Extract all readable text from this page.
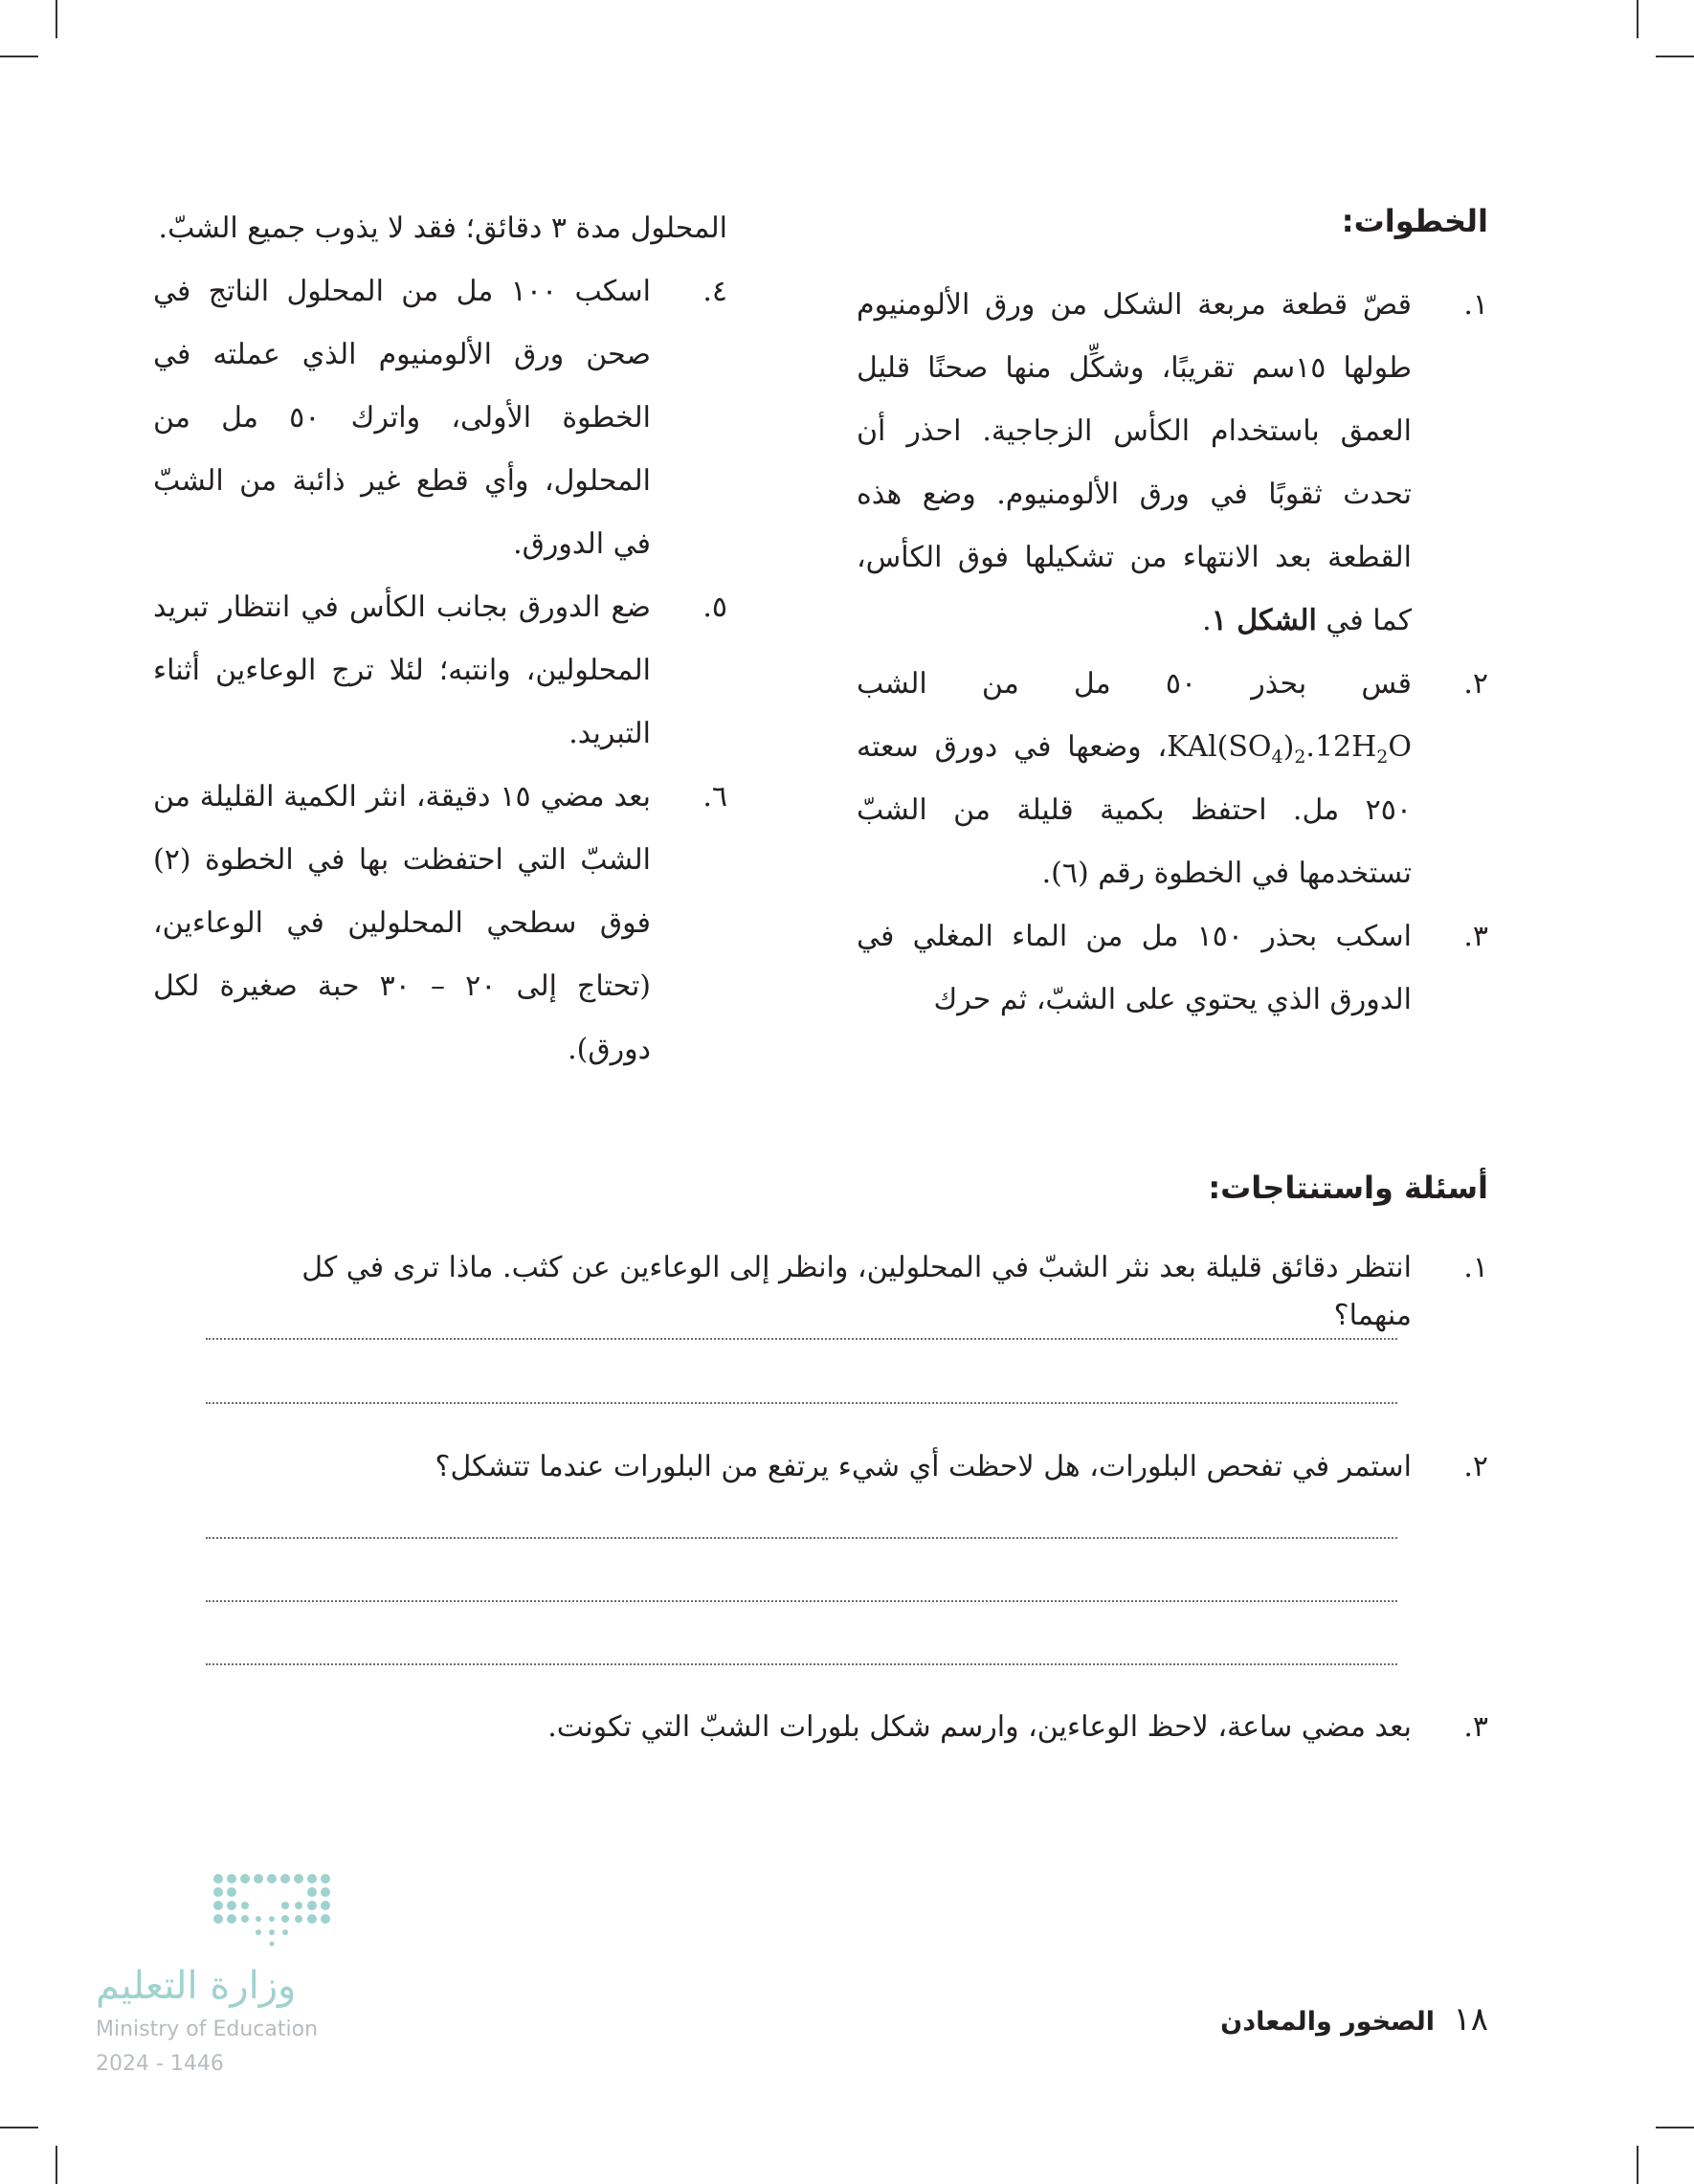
الخطوات:
١.
قصّ قطعة مربعة الشكل من ورق الألومنيوم طولها ١٥سم تقريبًا، وشكِّل منها صحنًا قليل العمق باستخدام الكأس الزجاجية. احذر أن تحدث ثقوبًا في ورق الألومنيوم. وضع هذه القطعة بعد الانتهاء من تشكيلها فوق الكأس، كما في الشكل ١.
٢.
قس بحذر ٥٠ مل من الشب $KAl(SO_4)_2.12H_2O،$ وضعها في دورق سعته ٢٥٠ مل. احتفظ بكمية قليلة من الشبّ تستخدمها في الخطوة رقم (٦).
٣.
اسكب بحذر ١٥٠ مل من الماء المغلي في الدورق الذي يحتوي على الشبّ، ثم حرك
المحلول مدة ٣ دقائق؛ فقد لا يذوب جميع الشبّ.
٤.
اسكب ١٠٠ مل من المحلول الناتج في صحن ورق الألومنيوم الذي عملته في الخطوة الأولى، واترك ٥٠ مل من المحلول، وأي قطع غير ذائبة من الشبّ في الدورق.
٥.
ضع الدورق بجانب الكأس في انتظار تبريد المحلولين، وانتبه؛ لئلا ترج الوعاءين أثناء التبريد.
٦.
بعد مضي ١٥ دقيقة، انثر الكمية القليلة من الشبّ التي احتفظت بها في الخطوة (٢) فوق سطحي المحلولين في الوعاءين، (تحتاج إلى ٢٠ – ٣٠ حبة صغيرة لكل دورق).
أسئلة واستنتاجات:
١.
انتظر دقائق قليلة بعد نثر الشبّ في المحلولين، وانظر إلى الوعاءين عن كثب. ماذا ترى في كل منهما؟
٢.
استمر في تفحص البلورات، هل لاحظت أي شيء يرتفع من البلورات عندما تتشكل؟
٣.
بعد مضي ساعة، لاحظ الوعاءين، وارسم شكل بلورات الشبّ التي تكونت.
١٨ الصخور والمعادن
وزارة التعليم
Ministry of Education
2024 - 1446
